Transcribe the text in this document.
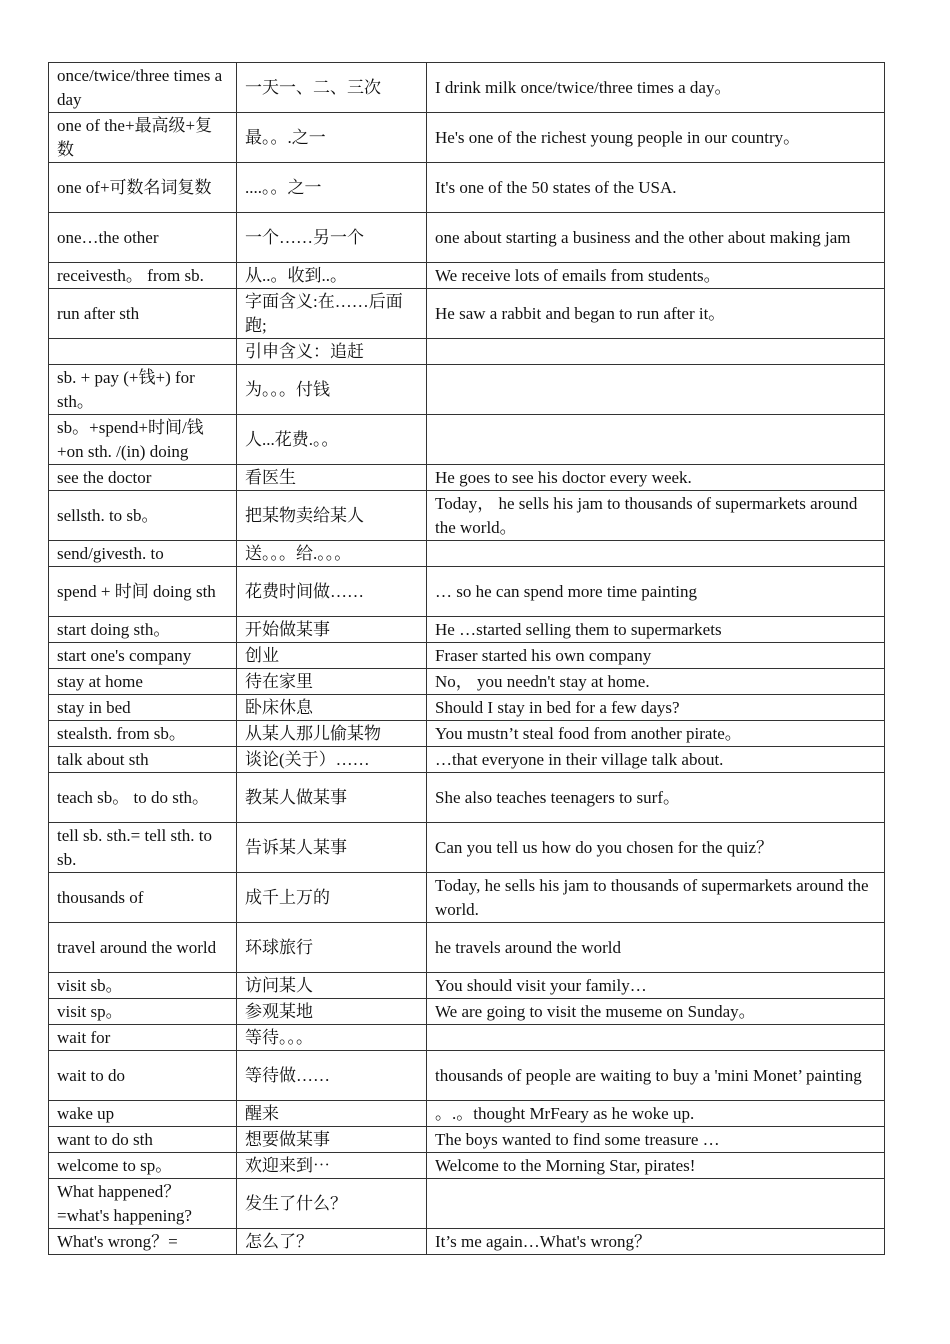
once/twice/three times a day	一天一、二、三次	I drink milk once/twice/three times a day。
one of the+最高级+复数	最。。.之一	He's one of the richest young people in our country。
one of+可数名词复数	....。。之一	It's one of the 50 states of the USA.
one…the other	一个……另一个	one about starting a business and the other about making jam
receivesth。 from sb.	从..。收到..。	We receive lots of emails from students。
run after sth	字面含义:在……后面跑;	He saw a rabbit and began to run after it。
	引申含义：追赶	
sb. + pay (+钱+) for sth。	为。。。付钱	
sb。+spend+时间/钱+on sth. /(in) doing	人...花费.。。	
see the doctor	看医生	He goes to see his doctor every week.
sellsth. to sb。	把某物卖给某人	Today， he sells his jam to thousands of supermarkets around the world。
send/givesth. to	送。。。给.。。。	
spend + 时间 doing sth	花费时间做……	… so he can spend more time painting
start doing sth。	开始做某事	He …started selling them to supermarkets
start one's company	创业	Fraser started his own company
stay at home	待在家里	No， you needn't stay at home.
stay in bed	卧床休息	Should I stay in bed for a few days?
stealsth. from sb。	从某人那儿偷某物	You mustn’t steal food from another pirate。
talk about sth	谈论(关于）……	…that everyone in their village talk about.
teach sb。 to do sth。	教某人做某事	She also teaches teenagers to surf。
tell sb. sth.= tell sth. to sb.	告诉某人某事	Can you tell us how do you chosen for the quiz？
thousands of	成千上万的	Today, he sells his jam to thousands of supermarkets around the world.
travel around the world	环球旅行	he travels around the world
visit sb。	访问某人	You should visit your family…
visit sp。	参观某地	We are going to visit the museme on Sunday。
wait for	等待。。。	
wait to do	等待做……	thousands of people are waiting to buy a 'mini Monet’ painting
wake up	醒来	。.。thought MrFeary as he woke up.
want to do sth	想要做某事	The boys wanted to find some treasure …
welcome to sp。	欢迎来到⋯	Welcome to the Morning Star, pirates!
What happened？=what's happening?	发生了什么？	
What's wrong？=	怎么了？	It’s me again…What's wrong？
